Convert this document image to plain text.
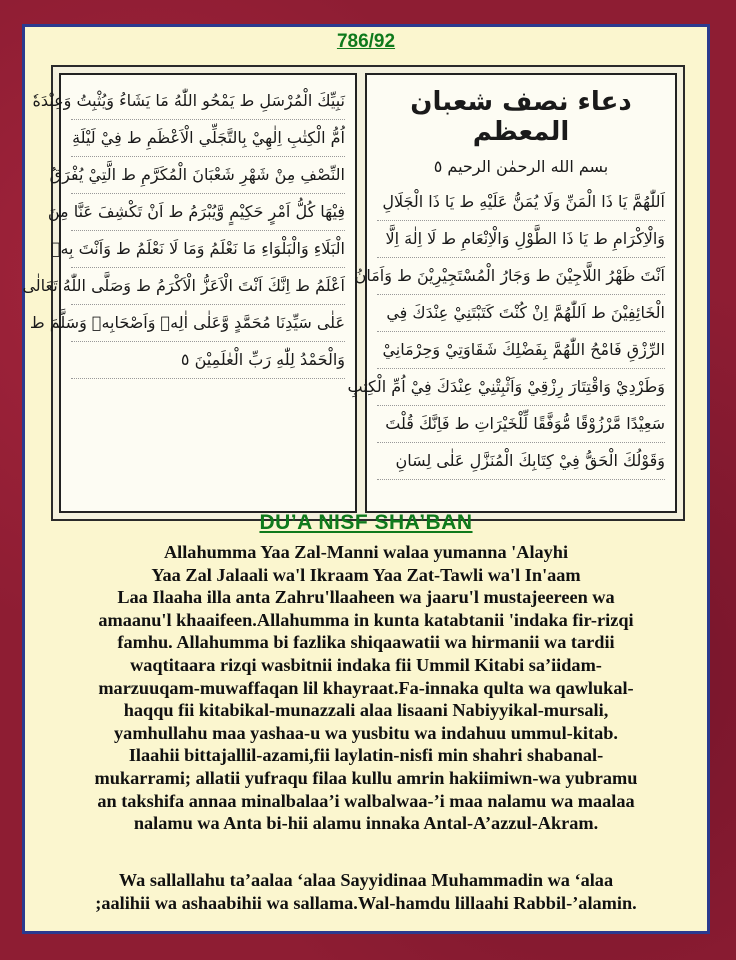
786/92
نَبِيِّكَ الْمُرْسَلِ ط يَمْحُو اللّٰهُ مَا يَشَاءُ وَيُثْبِتُ وَعِنْدَهٗ
اُمُّ الْكِتٰبِ اِلٰهِيْ بِالتَّجَلِّي الْاَعْظَمِ ط فِيْ لَيْلَةِ
النِّصْفِ مِنْ شَهْرِ شَعْبَانَ الْمُكَرَّمِ ط الَّتِيْ يُفْرَقُ
فِيْهَا كُلُّ اَمْرٍ حَكِيْمٍ وَّيُبْرَمُ ط اَنْ تَكْشِفَ عَنَّا مِنَ
الْبَلَاءِ وَالْبَلْوَاءِ مَا نَعْلَمُ وَمَا لَا نَعْلَمُ ط وَاَنْتَ بِهٖ
اَعْلَمُ ط اِنَّكَ اَنْتَ الْاَعَزُّ الْاَكْرَمُ ط وَصَلَّى اللّٰهُ تَعَالٰى
عَلٰى سَيِّدِنَا مُحَمَّدٍ وَّعَلٰى اٰلِهٖ وَاَصْحَابِهٖ وَسَلَّمَ ط
وَالْحَمْدُ لِلّٰهِ رَبِّ الْعٰلَمِيْنَ ٥
دعاء نصف شعبان المعظم
بسم الله الرحمٰن الرحيم ٥
اَللّٰهُمَّ يَا ذَا الْمَنِّ وَلَا يُمَنُّ عَلَيْهِ ط يَا ذَا الْجَلَالِ
وَالْاِكْرَامِ ط يَا ذَا الطَّوْلِ وَالْاِنْعَامِ ط لَا اِلٰهَ اِلَّا
اَنْتَ ظَهْرُ اللَّاجِيْنَ ط وَجَارُ الْمُسْتَجِيْرِيْنَ ط وَاَمَانُ
الْخَائِفِيْنَ ط اَللّٰهُمَّ اِنْ كُنْتَ كَتَبْتَنِيْ عِنْدَكَ فِي
الرِّزْقِ فَامْحُ اللّٰهُمَّ بِفَضْلِكَ شَقَاوَتِيْ وَحِرْمَانِيْ
وَطَرْدِيْ وَاقْتِتَارَ رِزْقِيْ وَاَثْبِتْنِيْ عِنْدَكَ فِيْ اُمِّ الْكِتٰبِ
سَعِيْدًا مَّرْزُوْقًا مُّوَفَّقًا لِّلْخَيْرَاتِ ط فَاِنَّكَ قُلْتَ
وَقَوْلُكَ الْحَقُّ فِيْ كِتَابِكَ الْمُنَزَّلِ عَلٰى لِسَانِ
DU’A NISF SHA’BAN
Allahumma Yaa Zal-Manni walaa yumanna 'Alayhi
Yaa Zal Jalaali wa'l Ikraam Yaa Zat-Tawli wa'l In'aam
Laa Ilaaha illa anta Zahru'llaaheen wa jaaru'l mustajeereen wa
amaanu'l khaaifeen.Allahumma in kunta katabtanii 'indaka fir-rizqi
famhu. Allahumma bi fazlika shiqaawatii wa hirmanii wa tardii
waqtitaara rizqi wasbitnii indaka fii Ummil Kitabi sa’iidam-
marzuuqam-muwaffaqan lil khayraat.Fa-innaka qulta wa qawlukal-
haqqu fii kitabikal-munazzali alaa lisaani Nabiyyikal-mursali,
yamhullahu maa yashaa-u wa yusbitu wa indahuu ummul-kitab.
Ilaahii bittajallil-azami,fii laylatin-nisfi min shahri shabanal-
mukarrami; allatii yufraqu filaa kullu amrin hakiimiwn-wa yubramu
an takshifa annaa minalbalaa’i walbalwaa-’i maa nalamu wa maalaa
nalamu wa Anta bi-hii alamu innaka Antal-A’azzul-Akram.
Wa sallallahu ta’aalaa ‘alaa Sayyidinaa Muhammadin wa ‘alaa
;aalihii wa ashaabihii wa sallama.Wal-hamdu lillaahi Rabbil-’alamin.
